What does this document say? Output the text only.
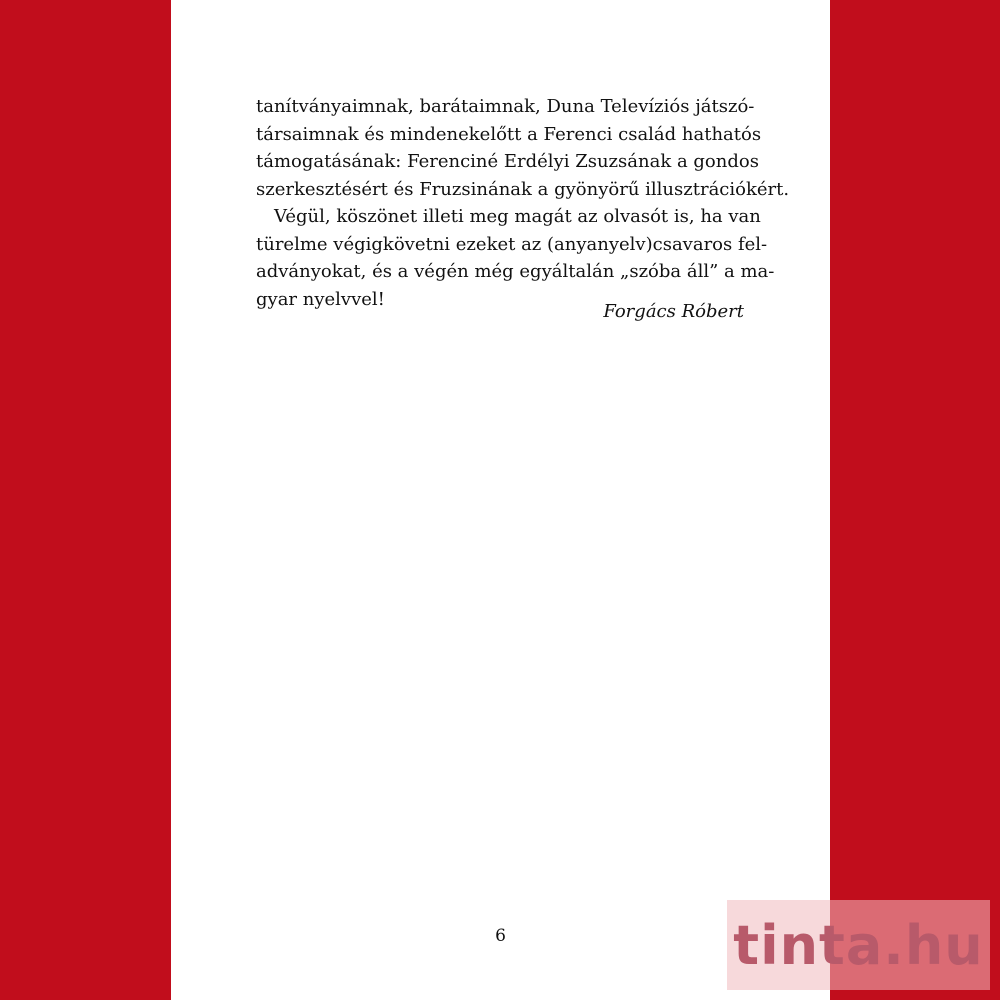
tanítványaimnak, barátaimnak, Duna Televíziós játszó-
társaimnak és mindenekelőtt a Ferenci család hathatós
támogatásának: Ferenciné Erdélyi Zsuzsának a gondos
szerkesztésért és Fruzsinának a gyönyörű illusztrációkért.
Végül, köszönet illeti meg magát az olvasót is, ha van
türelme végigkövetni ezeket az (anyanyelv)csavaros fel-
adványokat, és a végén még egyáltalán „szóba áll” a ma-
gyar nyelvvel!
Forgács Róbert
6	tinta.hu
